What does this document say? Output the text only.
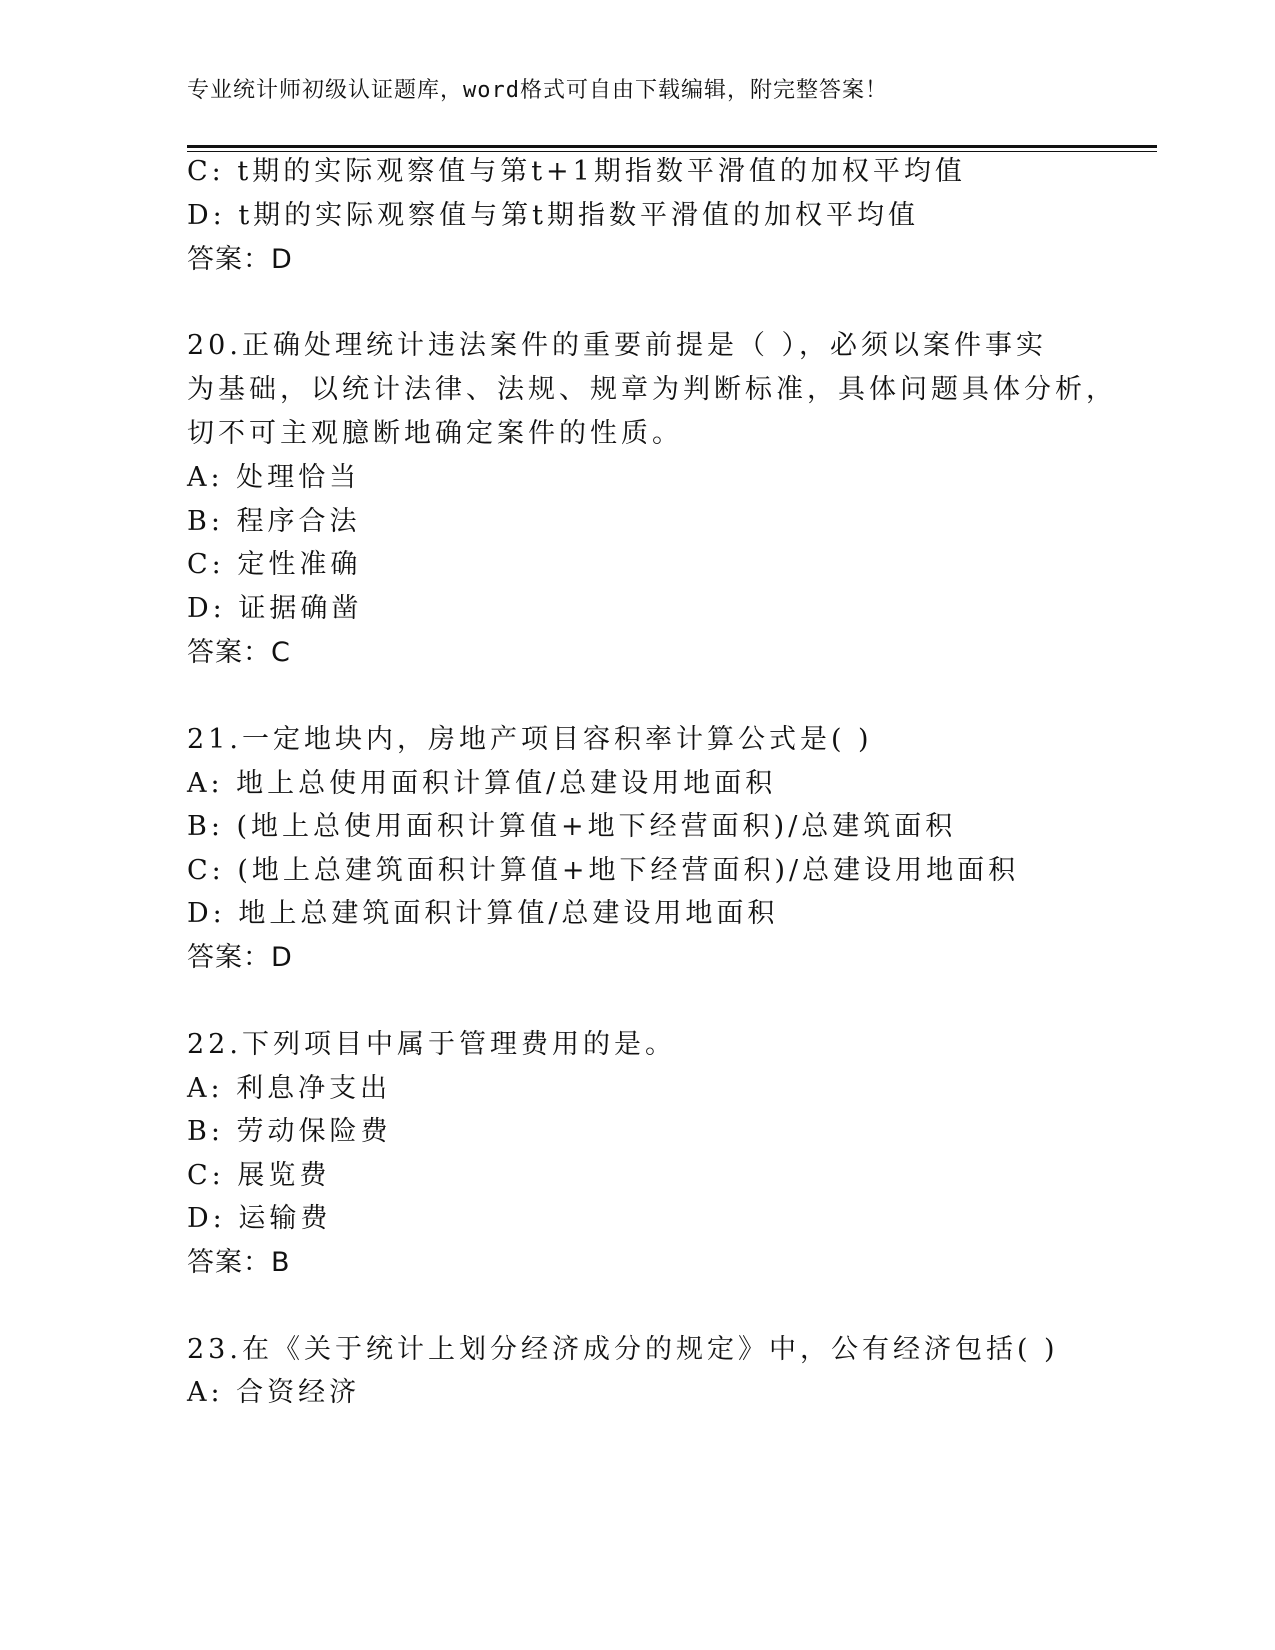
专业统计师初级认证题库，word格式可自由下载编辑，附完整答案！
C: t期的实际观察值与第t+1期指数平滑值的加权平均值
D: t期的实际观察值与第t期指数平滑值的加权平均值
答案：D
20.正确处理统计违法案件的重要前提是（ ），必须以案件事实
为基础，以统计法律、法规、规章为判断标准，具体问题具体分析，
切不可主观臆断地确定案件的性质。
A: 处理恰当
B: 程序合法
C: 定性准确
D: 证据确凿
答案：C
21.一定地块内，房地产项目容积率计算公式是( )
A: 地上总使用面积计算值/总建设用地面积
B: (地上总使用面积计算值+地下经营面积)/总建筑面积
C: (地上总建筑面积计算值+地下经营面积)/总建设用地面积
D: 地上总建筑面积计算值/总建设用地面积
答案：D
22.下列项目中属于管理费用的是。
A: 利息净支出
B: 劳动保险费
C: 展览费
D: 运输费
答案：B
23.在《关于统计上划分经济成分的规定》中，公有经济包括( )
A: 合资经济
